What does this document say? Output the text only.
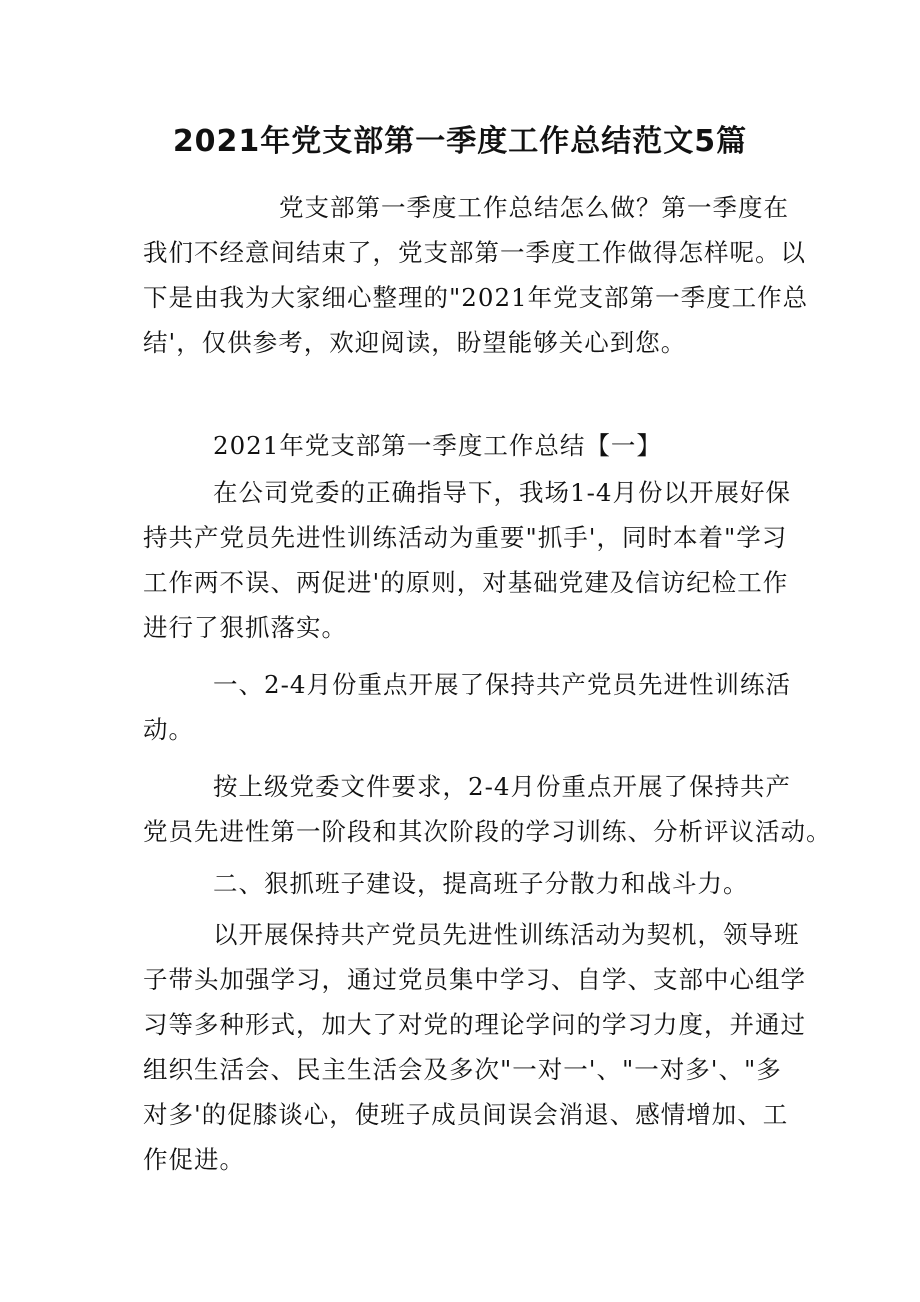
2021年党支部第一季度工作总结范文5篇
党支部第一季度工作总结怎么做？第一季度在
我们不经意间结束了，党支部第一季度工作做得怎样呢。以
下是由我为大家细心整理的"2021年党支部第一季度工作总
结'，仅供参考，欢迎阅读，盼望能够关心到您。
2021年党支部第一季度工作总结【一】
在公司党委的正确指导下，我场1-4月份以开展好保
持共产党员先进性训练活动为重要"抓手'，同时本着"学习
工作两不误、两促进'的原则，对基础党建及信访纪检工作
进行了狠抓落实。
一、2-4月份重点开展了保持共产党员先进性训练活
动。
按上级党委文件要求，2-4月份重点开展了保持共产
党员先进性第一阶段和其次阶段的学习训练、分析评议活动。
二、狠抓班子建设，提高班子分散力和战斗力。
以开展保持共产党员先进性训练活动为契机，领导班
子带头加强学习，通过党员集中学习、自学、支部中心组学
习等多种形式，加大了对党的理论学问的学习力度，并通过
组织生活会、民主生活会及多次"一对一'、"一对多'、"多
对多'的促膝谈心，使班子成员间误会消退、感情增加、工
作促进。
